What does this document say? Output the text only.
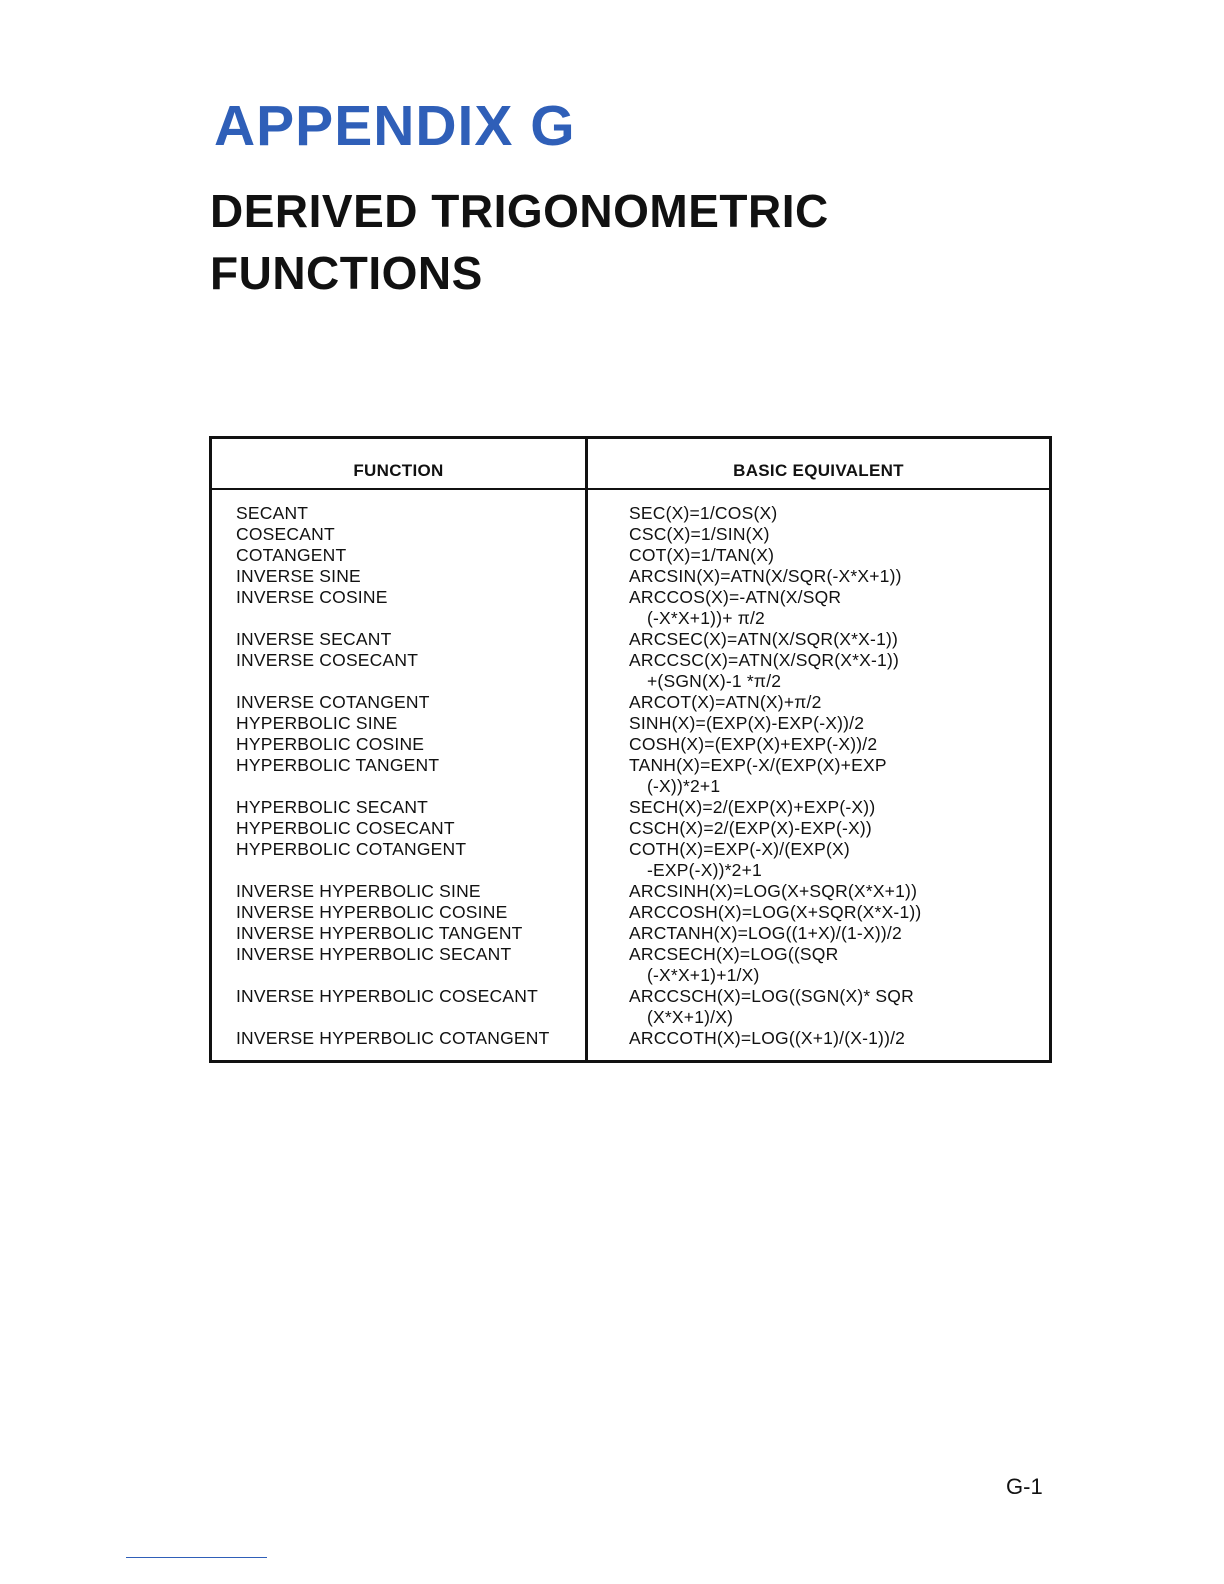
APPENDIX G
DERIVED TRIGONOMETRIC
FUNCTIONS
FUNCTION	BASIC EQUIVALENT
SECANT	SEC(X)=1/COS(X)
COSECANT	CSC(X)=1/SIN(X)
COTANGENT	COT(X)=1/TAN(X)
INVERSE SINE	ARCSIN(X)=ATN(X/SQR(-X*X+1))
INVERSE COSINE	ARCCOS(X)=-ATN(X/SQR
(-X*X+1))+ π/2
INVERSE SECANT	ARCSEC(X)=ATN(X/SQR(X*X-1))
INVERSE COSECANT	ARCCSC(X)=ATN(X/SQR(X*X-1))
+(SGN(X)-1 *π/2
INVERSE COTANGENT	ARCOT(X)=ATN(X)+π/2
HYPERBOLIC SINE	SINH(X)=(EXP(X)-EXP(-X))/2
HYPERBOLIC COSINE	COSH(X)=(EXP(X)+EXP(-X))/2
HYPERBOLIC TANGENT	TANH(X)=EXP(-X/(EXP(X)+EXP
(-X))*2+1
HYPERBOLIC SECANT	SECH(X)=2/(EXP(X)+EXP(-X))
HYPERBOLIC COSECANT	CSCH(X)=2/(EXP(X)-EXP(-X))
HYPERBOLIC COTANGENT	COTH(X)=EXP(-X)/(EXP(X)
-EXP(-X))*2+1
INVERSE HYPERBOLIC SINE	ARCSINH(X)=LOG(X+SQR(X*X+1))
INVERSE HYPERBOLIC COSINE	ARCCOSH(X)=LOG(X+SQR(X*X-1))
INVERSE HYPERBOLIC TANGENT	ARCTANH(X)=LOG((1+X)/(1-X))/2
INVERSE HYPERBOLIC SECANT	ARCSECH(X)=LOG((SQR
(-X*X+1)+1/X)
INVERSE HYPERBOLIC COSECANT	ARCCSCH(X)=LOG((SGN(X)* SQR
(X*X+1)/X)
INVERSE HYPERBOLIC COTANGENT	ARCCOTH(X)=LOG((X+1)/(X-1))/2
G-1
